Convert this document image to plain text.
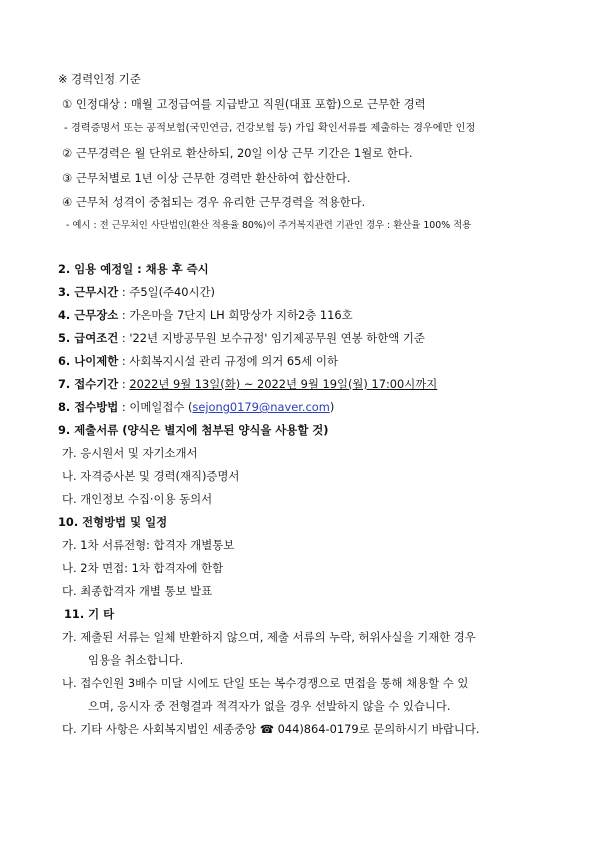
※ 경력인정 기준
① 인정대상 : 매월 고정급여를 지급받고 직원(대표 포함)으로 근무한 경력
- 경력증명서 또는 공적보험(국민연금, 건강보험 등) 가입 확인서류를 제출하는 경우에만 인정
② 근무경력은 월 단위로 환산하되, 20일 이상 근무 기간은 1월로 한다.
③ 근무처별로 1년 이상 근무한 경력만 환산하여 합산한다.
④ 근무처 성격이 중첩되는 경우 유리한 근무경력을 적용한다.
- 예시 : 전 근무처인 사단법인(환산 적용율 80%)이 주거복지관련 기관인 경우 : 환산율 100% 적용
2. 임용 예정일 : 채용 후 즉시
3. 근무시간 : 주5일(주40시간)
4. 근무장소 : 가온마을 7단지 LH 희망상가 지하2층 116호
5. 급여조건 : '22년 지방공무원 보수규정' 임기제공무원 연봉 하한액 기준
6. 나이제한 : 사회복지시설 관리 규정에 의거 65세 이하
7. 접수기간 : 2022년 9월 13일(화) ~ 2022년 9월 19일(월) 17:00시까지
8. 접수방법 : 이메일접수 (sejong0179@naver.com)
9. 제출서류 (양식은 별지에 첨부된 양식을 사용할 것)
가. 응시원서 및 자기소개서
나. 자격증사본 및 경력(재직)증명서
다. 개인정보 수집·이용 동의서
10. 전형방법 및 일정
가. 1차 서류전형: 합격자 개별통보
나. 2차 면접: 1차 합격자에 한함
다. 최종합격자 개별 통보 발표
11. 기 타
가. 제출된 서류는 일체 반환하지 않으며, 제출 서류의 누락, 허위사실을 기재한 경우
임용을 취소합니다.
나. 접수인원 3배수 미달 시에도 단일 또는 복수경쟁으로 면접을 통해 채용할 수 있
으며, 응시자 중 전형결과 적격자가 없을 경우 선발하지 않을 수 있습니다.
다. 기타 사항은 사회복지법인 세종중앙 ☎ 044)864-0179로 문의하시기 바랍니다.
